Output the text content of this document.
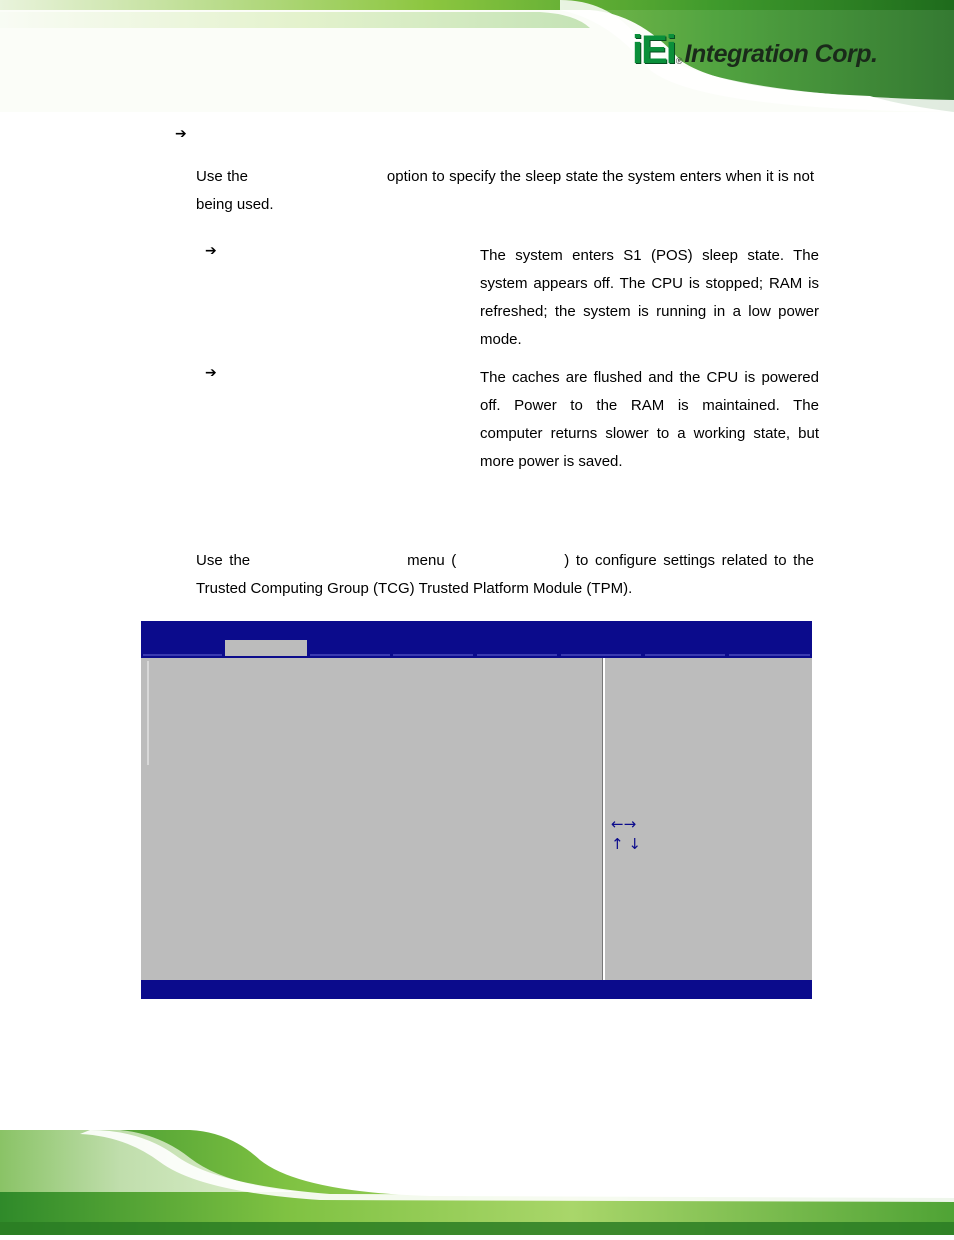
iEi ® Integration Corp.
➔

Use the	option to specify the sleep state the system enters when it is not being used.

➔	The system enters S1 (POS) sleep state. The system appears off. The CPU is stopped; RAM is refreshed; the system is running in a low power mode.

➔	The caches are flushed and the CPU is powered off. Power to the RAM is maintained. The computer returns slower to a working state, but more power is saved.

Use the	menu (	) to configure settings related to the Trusted Computing Group (TCG) Trusted Platform Module (TPM).

←→
↑ ↓
